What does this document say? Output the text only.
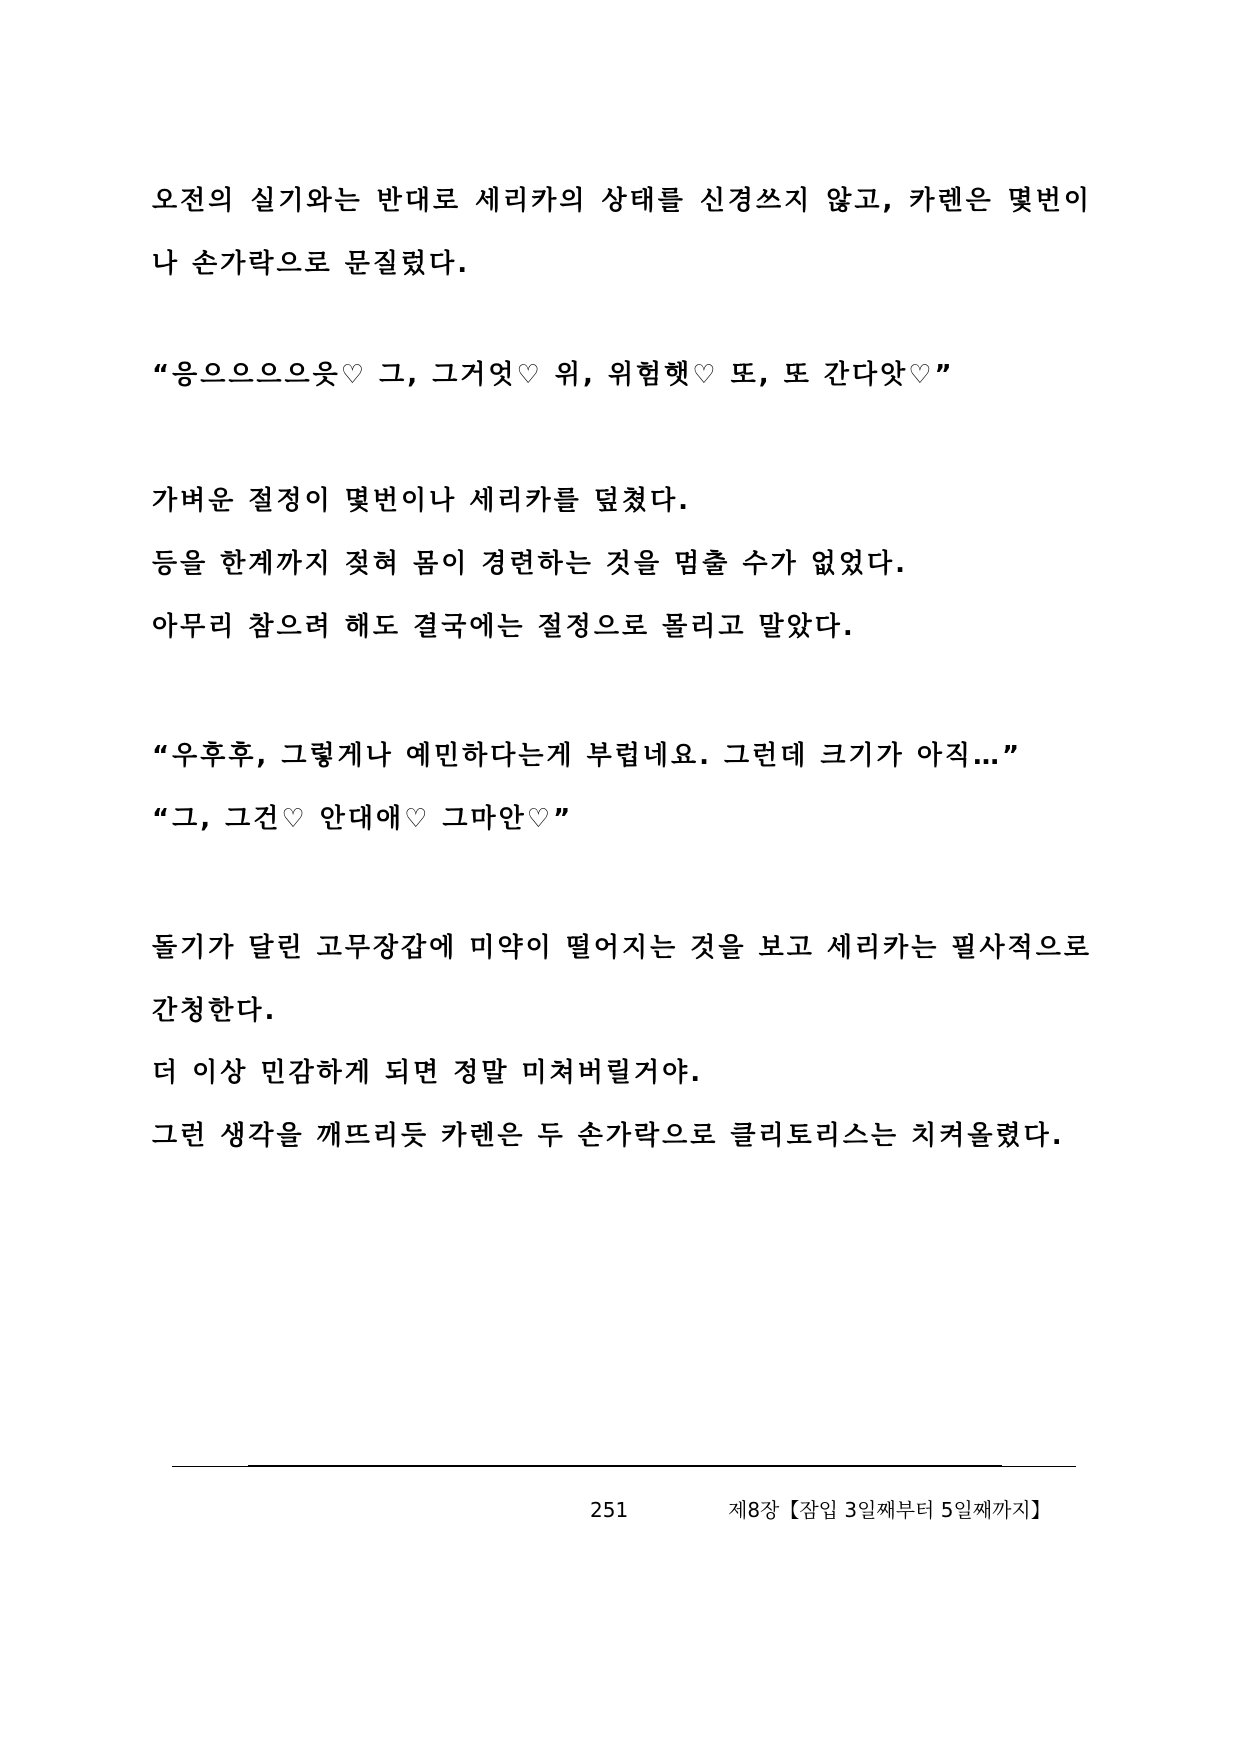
오전의 실기와는 반대로 세리카의 상태를 신경쓰지 않고, 카렌은 몇번이나 손가락으로 문질렀다.

“응으으으으읏♡ 그, 그거엇♡ 위, 위험햇♡ 또, 또 간다앗♡”

가벼운 절정이 몇번이나 세리카를 덮쳤다.

등을 한계까지 젖혀 몸이 경련하는 것을 멈출 수가 없었다.

아무리 참으려 해도 결국에는 절정으로 몰리고 말았다.

“우후후, 그렇게나 예민하다는게 부럽네요. 그런데 크기가 아직…”

“그, 그건♡ 안대애♡ 그마안♡”

돌기가 달린 고무장갑에 미약이 떨어지는 것을 보고 세리카는 필사적으로 간청한다.

더 이상 민감하게 되면 정말 미쳐버릴거야.

그런 생각을 깨뜨리듯 카렌은 두 손가락으로 클리토리스는 치켜올렸다.

251	제8장【잠입 3일째부터 5일째까지】
